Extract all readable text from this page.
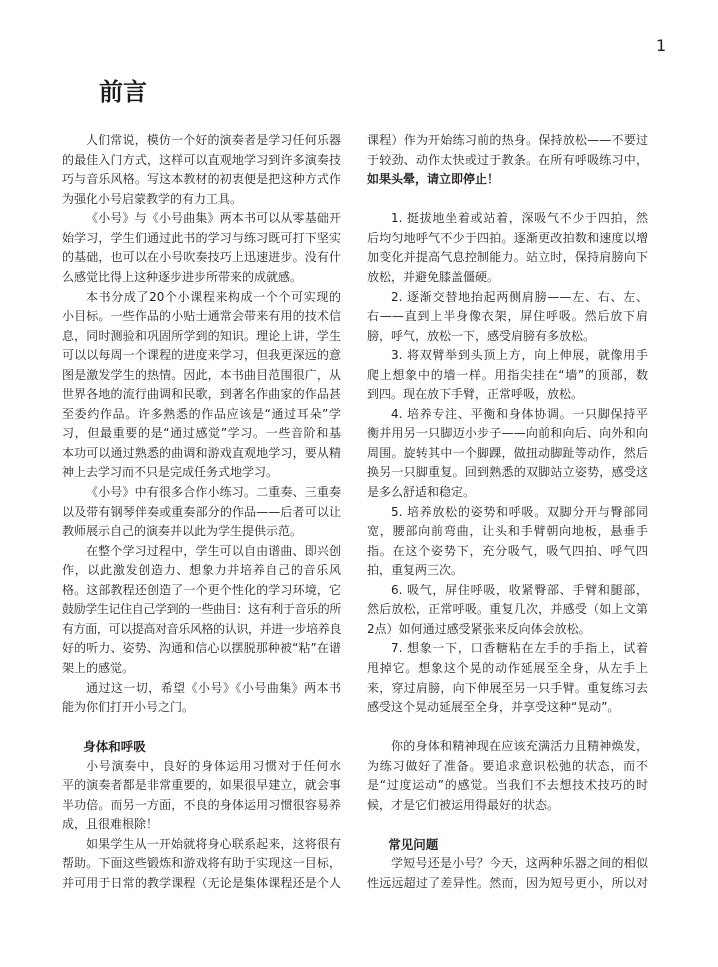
1
前言
人们常说，模仿一个好的演奏者是学习任何乐器
的最佳入门方式，这样可以直观地学习到许多演奏技
巧与音乐风格。写这本教材的初衷便是把这种方式作
为强化小号启蒙教学的有力工具。
《小号》与《小号曲集》两本书可以从零基础开
始学习，学生们通过此书的学习与练习既可打下坚实
的基础，也可以在小号吹奏技巧上迅速进步。没有什
么感觉比得上这种逐步进步所带来的成就感。
本书分成了20个小课程来构成一个个可实现的
小目标。一些作品的小贴士通常会带来有用的技术信
息，同时测验和巩固所学到的知识。理论上讲，学生
可以以每周一个课程的进度来学习，但我更深远的意
图是激发学生的热情。因此，本书曲目范围很广，从
世界各地的流行曲调和民歌，到著名作曲家的作品甚
至委约作品。许多熟悉的作品应该是“通过耳朵”学
习，但最重要的是“通过感觉”学习。一些音阶和基
本功可以通过熟悉的曲调和游戏直观地学习，要从精
神上去学习而不只是完成任务式地学习。
《小号》中有很多合作小练习。二重奏、三重奏
以及带有钢琴伴奏或重奏部分的作品——后者可以让
教师展示自己的演奏并以此为学生提供示范。
在整个学习过程中，学生可以自由谱曲、即兴创
作，以此激发创造力、想象力并培养自己的音乐风
格。这部教程还创造了一个更个性化的学习环境，它
鼓励学生记住自己学到的一些曲目：这有利于音乐的所
有方面，可以提高对音乐风格的认识，并进一步培养良
好的听力、姿势、沟通和信心以摆脱那种被“粘”在谱
架上的感觉。
通过这一切，希望《小号》《小号曲集》两本书
能为你们打开小号之门。
身体和呼吸
小号演奏中，良好的身体运用习惯对于任何水
平的演奏者都是非常重要的，如果很早建立，就会事
半功倍。而另一方面，不良的身体运用习惯很容易养
成，且很难根除！
如果学生从一开始就将身心联系起来，这将很有
帮助。下面这些锻炼和游戏将有助于实现这一目标，
并可用于日常的教学课程（无论是集体课程还是个人
课程）作为开始练习前的热身。保持放松——不要过
于较劲、动作太快或过于教条。在所有呼吸练习中，
如果头晕，请立即停止！
1. 挺拔地坐着或站着，深吸气不少于四拍，然
后均匀地呼气不少于四拍。逐渐更改拍数和速度以增
加变化并提高气息控制能力。站立时，保持肩膀向下
放松，并避免膝盖僵硬。
2. 逐渐交替地抬起两侧肩膀——左、右、左、
右——直到上半身像衣架，屏住呼吸。然后放下肩
膀，呼气，放松一下，感受肩膀有多放松。
3. 将双臂举到头顶上方，向上伸展，就像用手
爬上想象中的墙一样。用指尖挂在“墙”的顶部，数
到四。现在放下手臂，正常呼吸，放松。
4. 培养专注、平衡和身体协调。一只脚保持平
衡并用另一只脚迈小步子——向前和向后、向外和向
周围。旋转其中一个脚踝，做扭动脚趾等动作，然后
换另一只脚重复。回到熟悉的双脚站立姿势，感受这
是多么舒适和稳定。
5. 培养放松的姿势和呼吸。双脚分开与臀部同
宽，腰部向前弯曲，让头和手臂朝向地板，悬垂手
指。在这个姿势下，充分吸气，吸气四拍、呼气四
拍，重复两三次。
6. 吸气，屏住呼吸，收紧臀部、手臂和腿部，
然后放松，正常呼吸。重复几次，并感受（如上文第
2点）如何通过感受紧张来反向体会放松。
7. 想象一下，口香糖粘在左手的手指上，试着
甩掉它。想象这个晃的动作延展至全身，从左手上
来，穿过肩膀，向下伸展至另一只手臂。重复练习去
感受这个晃动延展至全身，并享受这种“晃动”。
你的身体和精神现在应该充满活力且精神焕发，
为练习做好了准备。要追求意识松弛的状态，而不
是“过度运动”的感觉。当我们不去想技术技巧的时
候，才是它们被运用得最好的状态。
常见问题
学短号还是小号？今天，这两种乐器之间的相似
性远远超过了差异性。然而，因为短号更小，所以对
